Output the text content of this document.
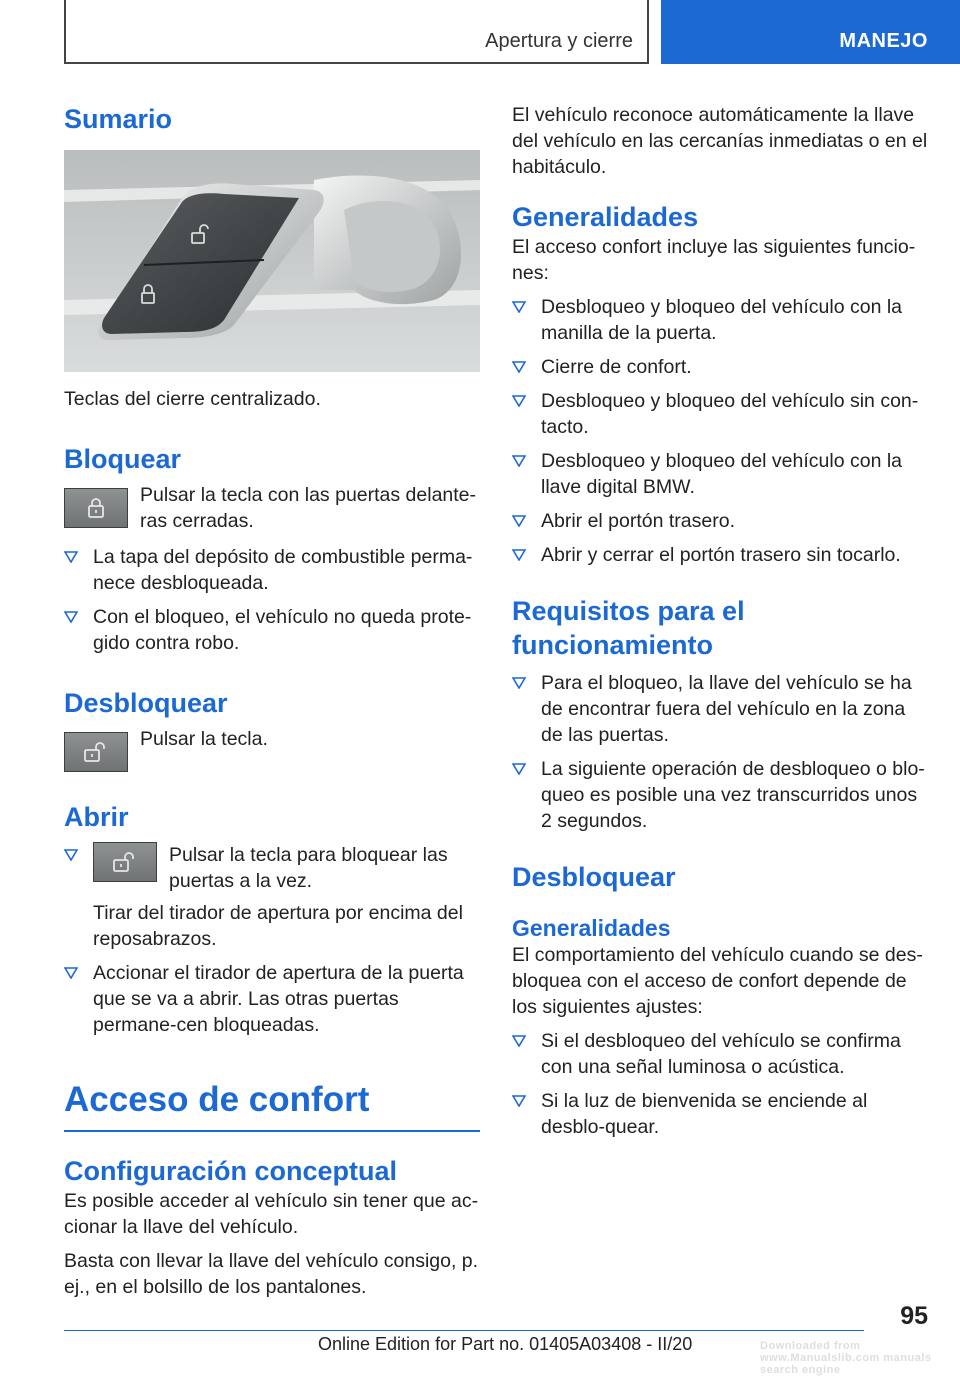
Apertura y cierre	MANEJO
Sumario

Teclas del cierre centralizado.

Bloquear

Pulsar la tecla con las puertas delante‐ras cerradas.

La tapa del depósito de combustible perma‐nece desbloqueada.
Con el bloqueo, el vehículo no queda prote‐gido contra robo.
Desbloquear

Pulsar la tecla.

Abrir
Pulsar la tecla para bloquear las puertas a la vez.
Tirar del tirador de apertura por encima del reposabrazos.
Accionar el tirador de apertura de la puerta que se va a abrir. Las otras puertas permane‐cen bloqueadas.
Acceso de confort
Configuración conceptual

Es posible acceder al vehículo sin tener que ac‐cionar la llave del vehículo.

Basta con llevar la llave del vehículo consigo, p. ej., en el bolsillo de los pantalones.

El vehículo reconoce automáticamente la llave del vehículo en las cercanías inmediatas o en el habitáculo.

Generalidades

El acceso confort incluye las siguientes funcio‐nes:

Desbloqueo y bloqueo del vehículo con la manilla de la puerta.
Cierre de confort.
Desbloqueo y bloqueo del vehículo sin con‐tacto.
Desbloqueo y bloqueo del vehículo con la llave digital BMW.
Abrir el portón trasero.
Abrir y cerrar el portón trasero sin tocarlo.
Requisitos para el funcionamiento
Para el bloqueo, la llave del vehículo se ha de encontrar fuera del vehículo en la zona de las puertas.
La siguiente operación de desbloqueo o blo‐queo es posible una vez transcurridos unos 2 segundos.
Desbloquear
Generalidades

El comportamiento del vehículo cuando se des‐bloquea con el acceso de confort depende de los siguientes ajustes:

Si el desbloqueo del vehículo se confirma con una señal luminosa o acústica.
Si la luz de bienvenida se enciende al desblo‐quear.
95
Online Edition for Part no. 01405A03408 - II/20	Downloaded from www.Manualslib.com manuals search engine
